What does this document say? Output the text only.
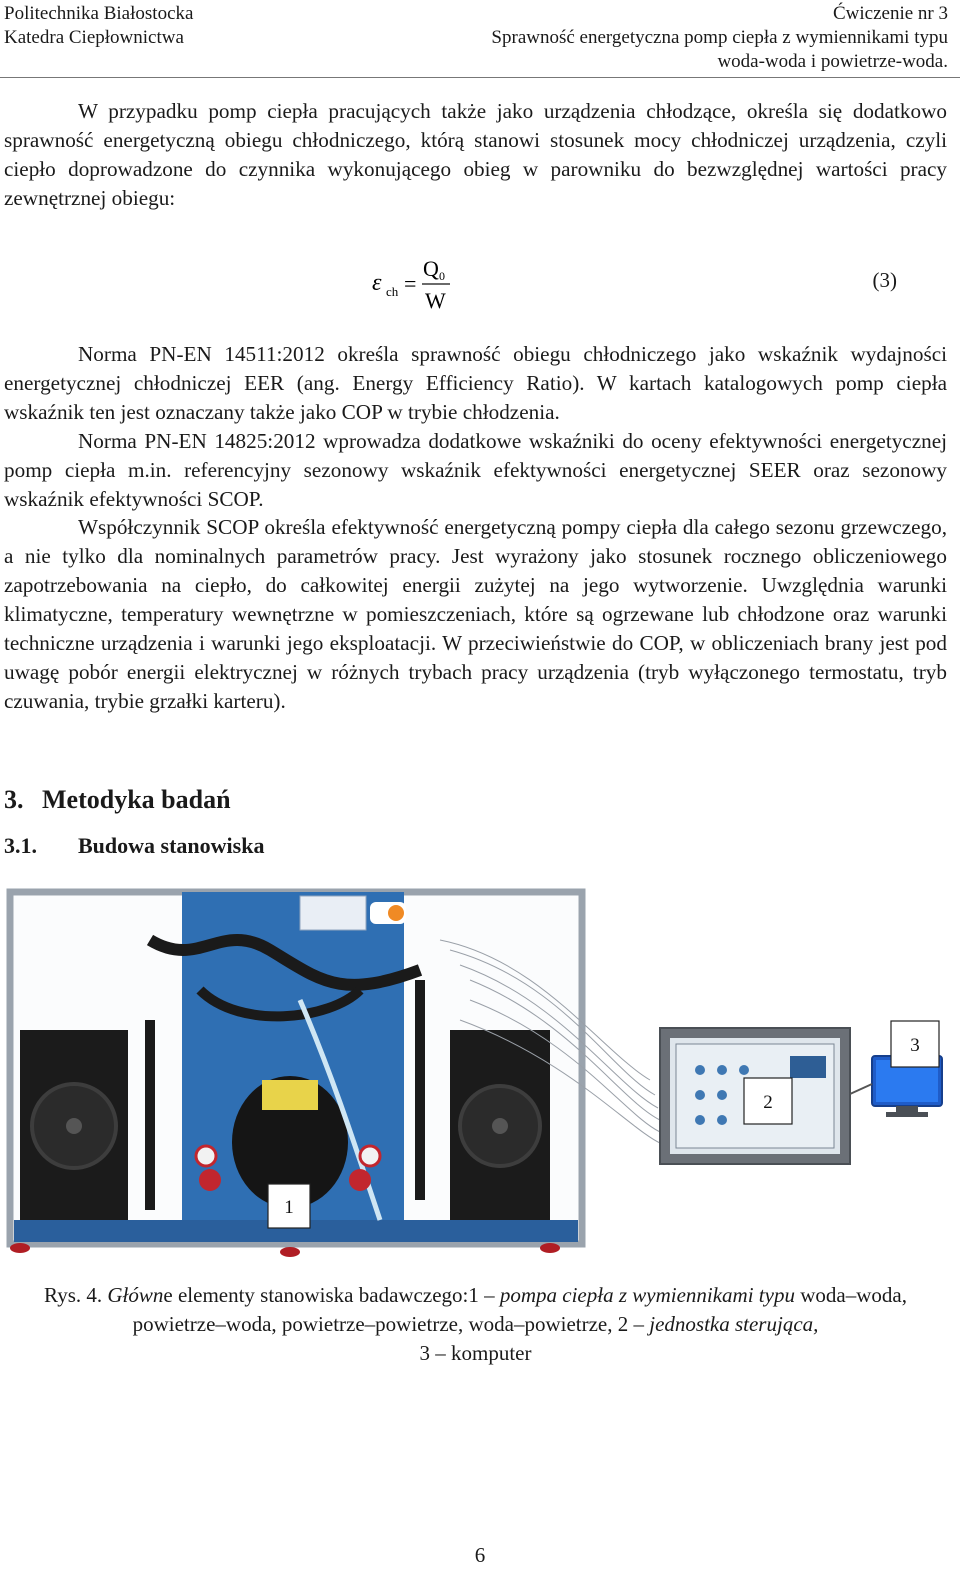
Politechnika Białostocka
Katedra Ciepłownictwa
Ćwiczenie nr 3
Sprawność energetyczna pomp ciepła z wymiennikami typu
woda-woda i powietrze-woda.

W przypadku pomp ciepła pracujących także jako urządzenia chłodzące, określa się dodatkowo sprawność energetyczną obiegu chłodniczego, którą stanowi stosunek mocy chłodniczej urządzenia, czyli ciepło doprowadzone do czynnika wykonującego obieg w parowniku do bezwzględnej wartości pracy zewnętrznej obiegu:

ε ch =
Q 0
W
(3)

Norma PN-EN 14511:2012 określa sprawność obiegu chłodniczego jako wskaźnik wydajności energetycznej chłodniczej EER (ang. Energy Efficiency Ratio). W kartach katalogowych pomp ciepła wskaźnik ten jest oznaczany także jako COP w trybie chłodzenia.

Norma PN-EN 14825:2012 wprowadza dodatkowe wskaźniki do oceny efektywności energetycznej pomp ciepła m.in. referencyjny sezonowy wskaźnik efektywności energetycznej SEER oraz sezonowy wskaźnik efektywności SCOP.

Współczynnik SCOP określa efektywność energetyczną pompy ciepła dla całego sezonu grzewczego, a nie tylko dla nominalnych parametrów pracy. Jest wyrażony jako stosunek rocznego obliczeniowego zapotrzebowania na ciepło, do całkowitej energii zużytej na jego wytworzenie. Uwzględnia warunki klimatyczne, temperatury wewnętrzne w pomieszczeniach, które są ogrzewane lub chłodzone oraz warunki techniczne urządzenia i warunki jego eksploatacji. W przeciwieństwie do COP, w obliczeniach brany jest pod uwagę pobór energii elektrycznej w różnych trybach pracy urządzenia (tryb wyłączonego termostatu, tryb czuwania, trybie grzałki karteru).

3. Metodyka badań
3.1. Budowa stanowiska
1
2
3
Rys. 4. Główne elementy stanowiska badawczego:1 – pompa ciepła z wymiennikami typu woda–woda, powietrze–woda, powietrze–powietrze, woda–powietrze, 2 – jednostka sterująca,
3 – komputer
6
